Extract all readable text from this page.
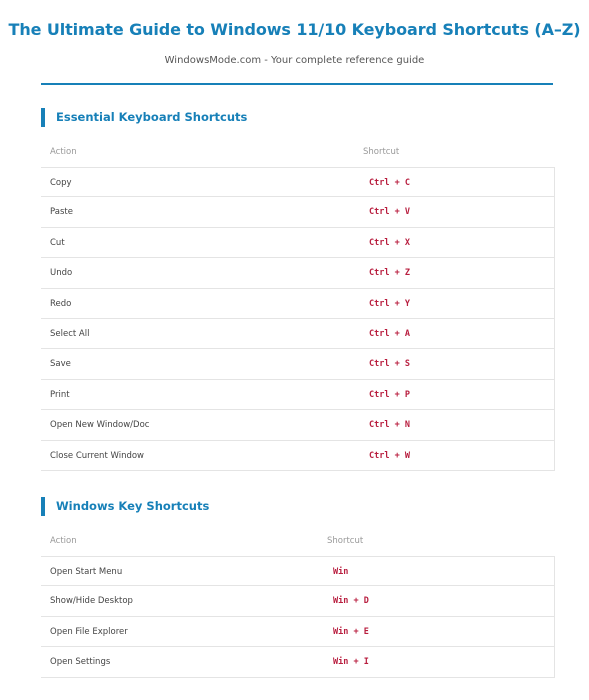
The Ultimate Guide to Windows 11/10 Keyboard Shortcuts (A–Z)
WindowsMode.com - Your complete reference guide
Essential Keyboard Shortcuts
Action	Shortcut
Copy	Ctrl + C
Paste	Ctrl + V
Cut	Ctrl + X
Undo	Ctrl + Z
Redo	Ctrl + Y
Select All	Ctrl + A
Save	Ctrl + S
Print	Ctrl + P
Open New Window/Doc	Ctrl + N
Close Current Window	Ctrl + W
Windows Key Shortcuts
Action	Shortcut
Open Start Menu	Win
Show/Hide Desktop	Win + D
Open File Explorer	Win + E
Open Settings	Win + I
